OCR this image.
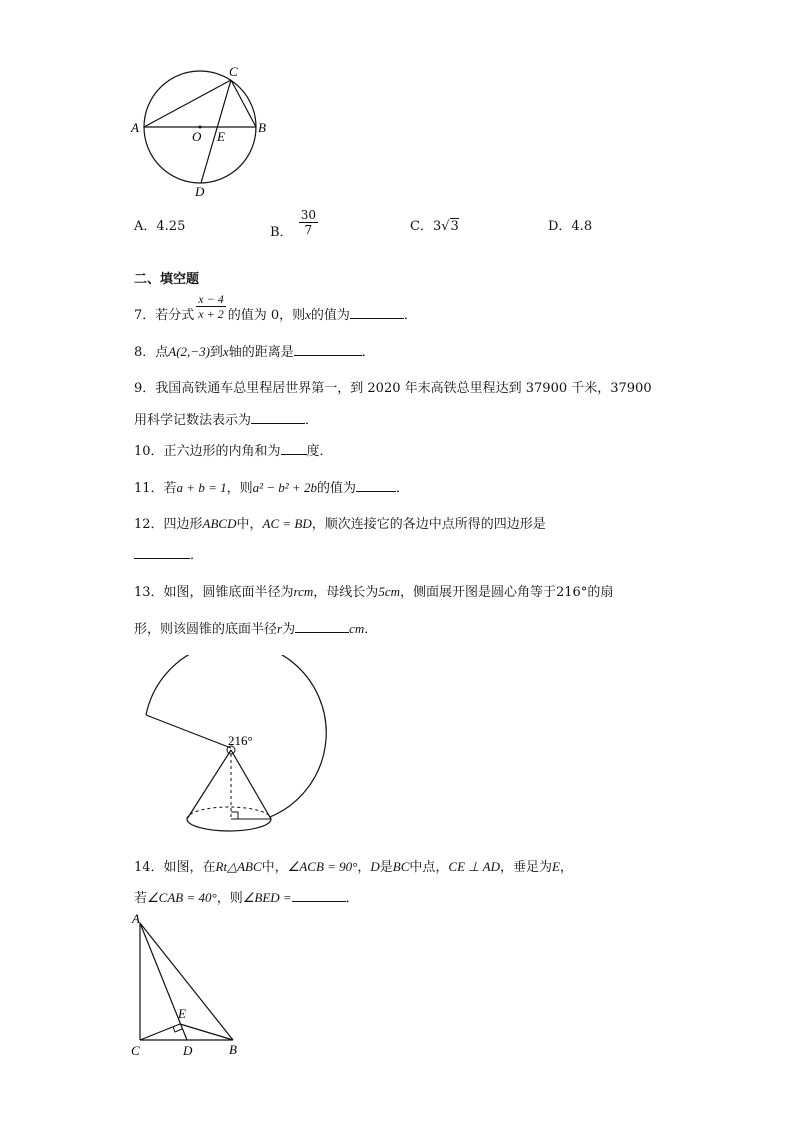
A	B
C
D
O E
A．4.25	B． $\frac{30}{7}$	C．3√3	D．4.8
二、填空题
7．若分式 $\frac{x - 4}{x + 2}$ 的值为 0，则x的值为	．
8．点A(2,−3)到x轴的距离是	．
9．我国高铁通车总里程居世界第一，到 2020 年末高铁总里程达到 37900 千米，37900
用科学记数法表示为	．
10．正六边形的内角和为 度．
11．若a + b = 1，则a² − b² + 2b的值为	．
12．四边形ABCD中，AC = BD，顺次连接它的各边中点所得的四边形是
．
13．如图，圆锥底面半径为rcm，母线长为5cm，侧面展开图是圆心角等于216°的扇
形，则该圆锥的底面半径r为	cm．
216°
14．如图，在Rt△ABC中，∠ACB = 90°，D是BC中点，CE ⊥ AD，垂足为E，
若∠CAB = 40°，则∠BED =	．
A
C	D	B
E
